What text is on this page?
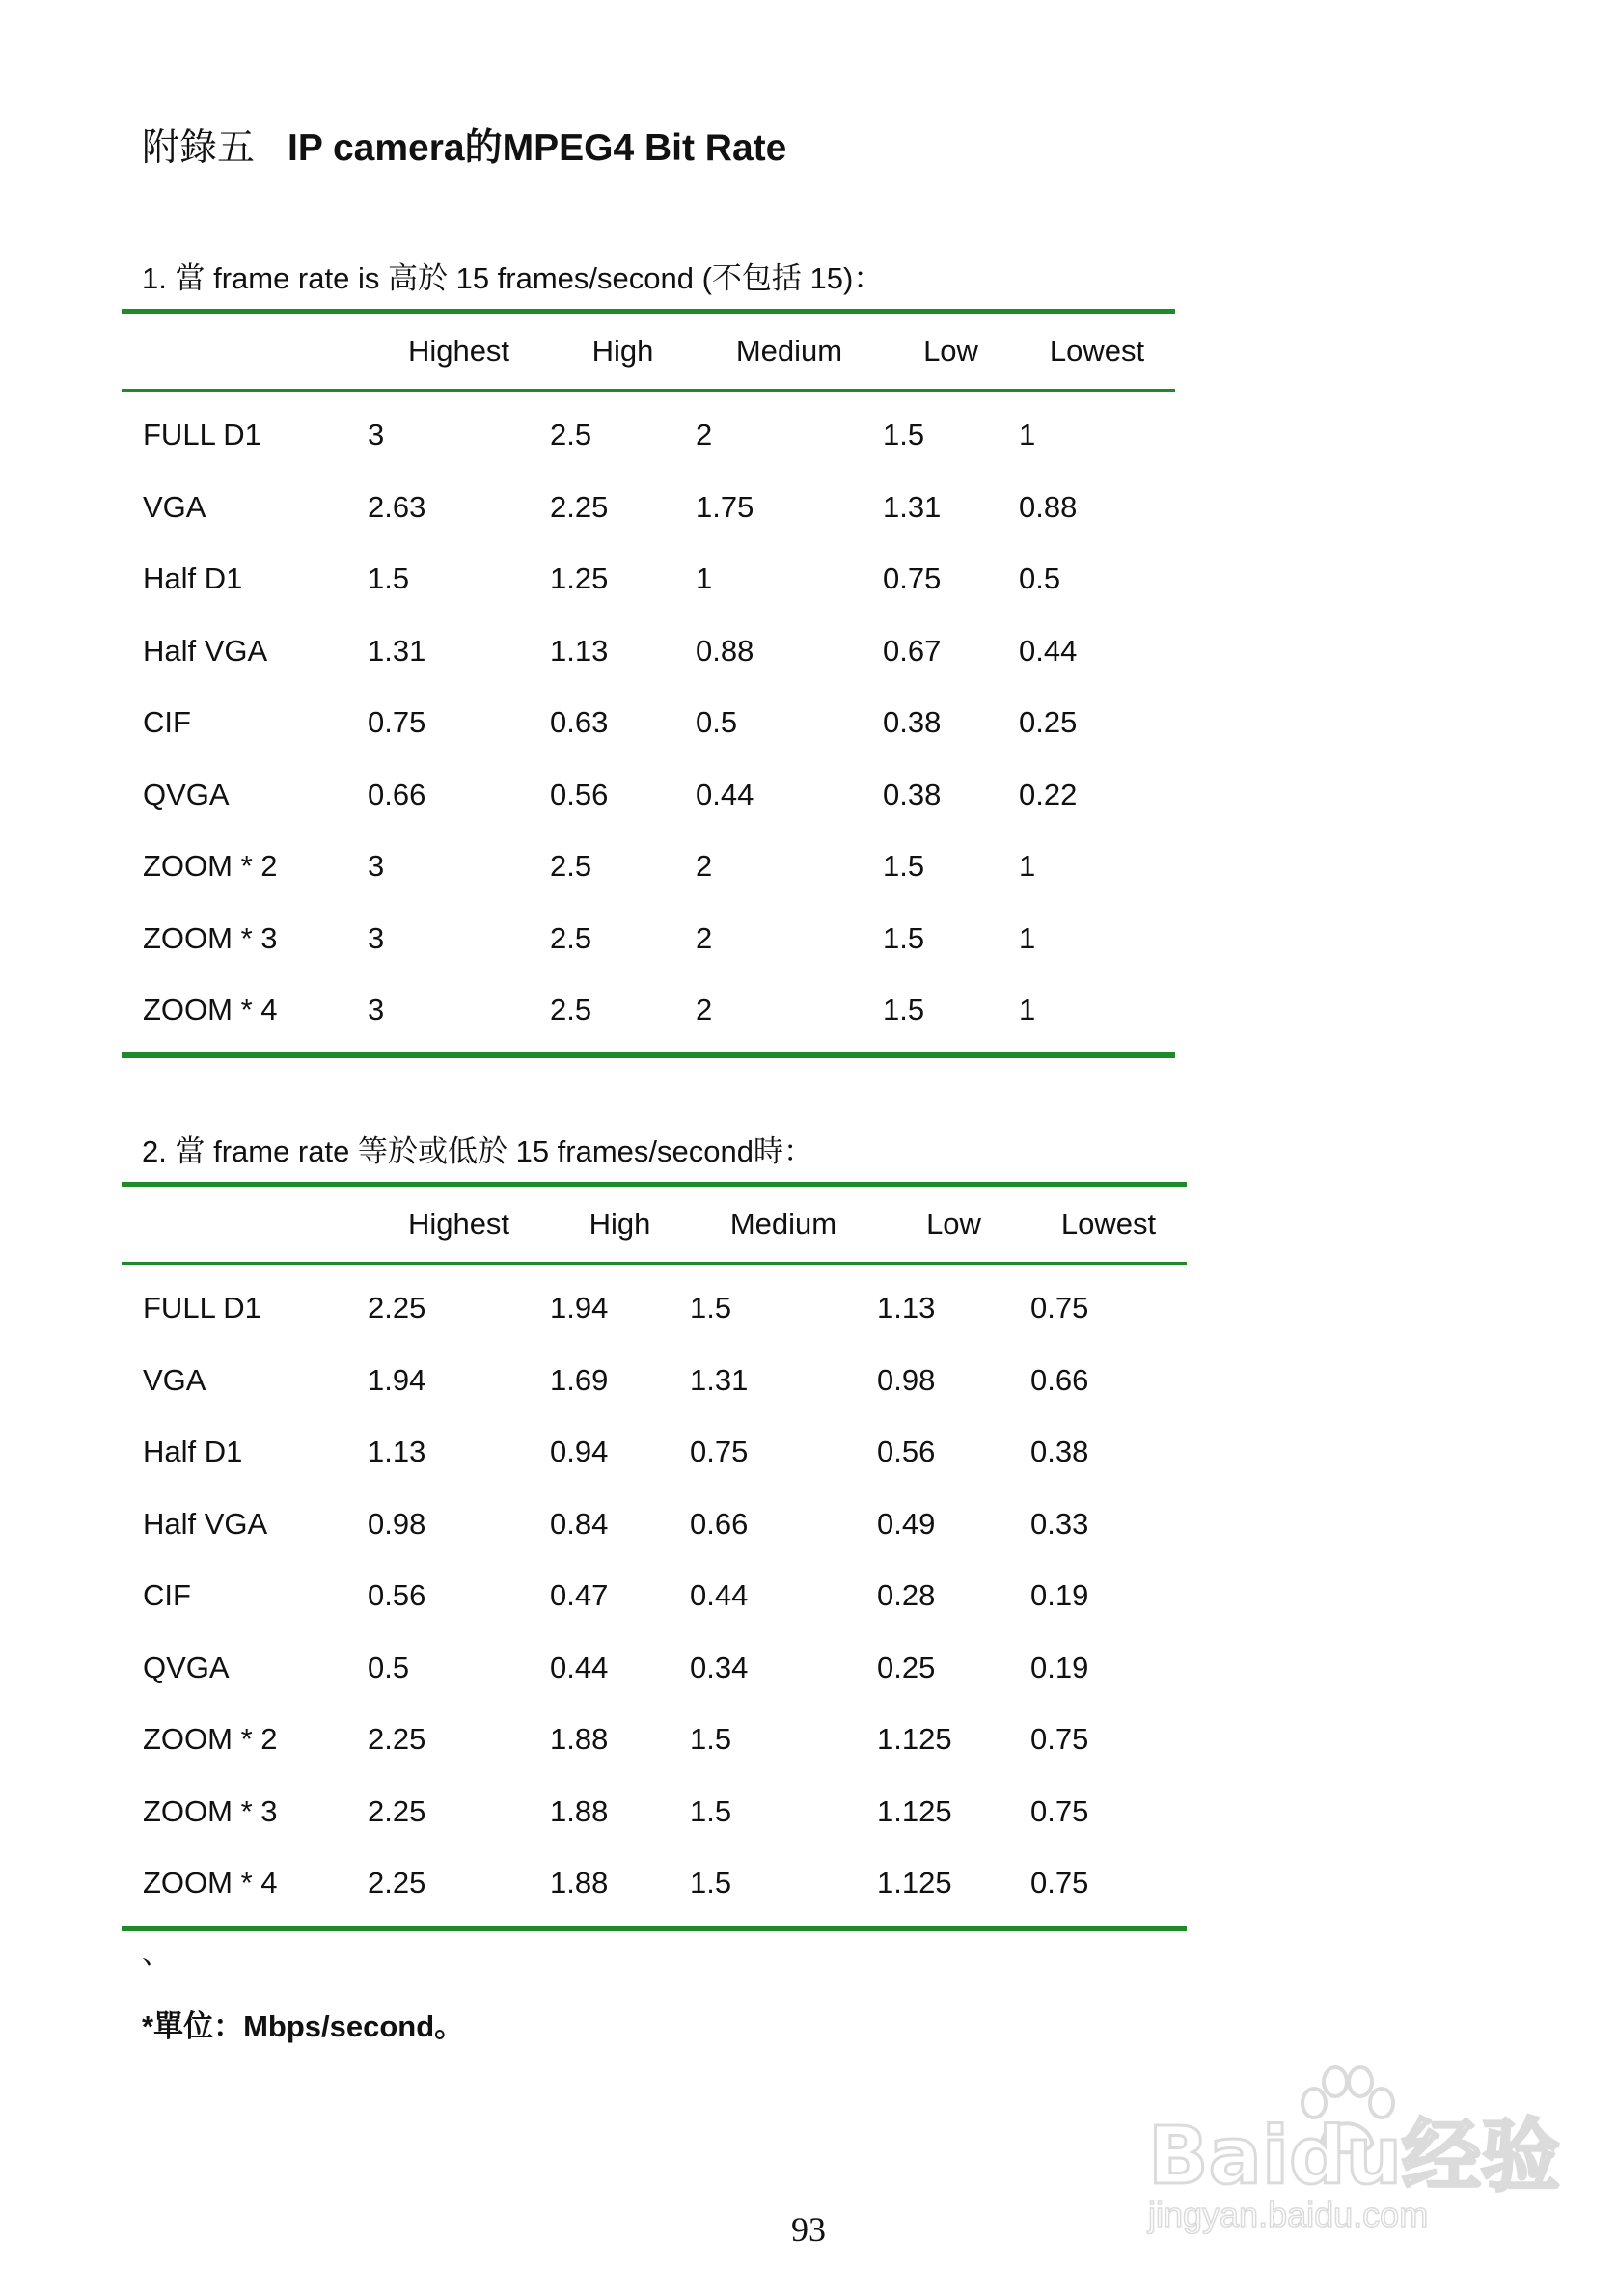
附錄五 IP camera的MPEG4 Bit Rate
1. 當 frame rate is 高於 15 frames/second (不包括 15)：
	Highest	High	Medium	Low	Lowest
FULL D1	3	2.5	2	1.5	1
VGA	2.63	2.25	1.75	1.31	0.88
Half D1	1.5	1.25	1	0.75	0.5
Half VGA	1.31	1.13	0.88	0.67	0.44
CIF	0.75	0.63	0.5	0.38	0.25
QVGA	0.66	0.56	0.44	0.38	0.22
ZOOM * 2	3	2.5	2	1.5	1
ZOOM * 3	3	2.5	2	1.5	1
ZOOM * 4	3	2.5	2	1.5	1
2. 當 frame rate 等於或低於 15 frames/second時：
	Highest	High	Medium	Low	Lowest
FULL D1	2.25	1.94	1.5	1.13	0.75
VGA	1.94	1.69	1.31	0.98	0.66
Half D1	1.13	0.94	0.75	0.56	0.38
Half VGA	0.98	0.84	0.66	0.49	0.33
CIF	0.56	0.47	0.44	0.28	0.19
QVGA	0.5	0.44	0.34	0.25	0.19
ZOOM * 2	2.25	1.88	1.5	1.125	0.75
ZOOM * 3	2.25	1.88	1.5	1.125	0.75
ZOOM * 4	2.25	1.88	1.5	1.125	0.75
、
*單位：Mbps/second。
93
Baidu经验
jingyan.baidu.com
